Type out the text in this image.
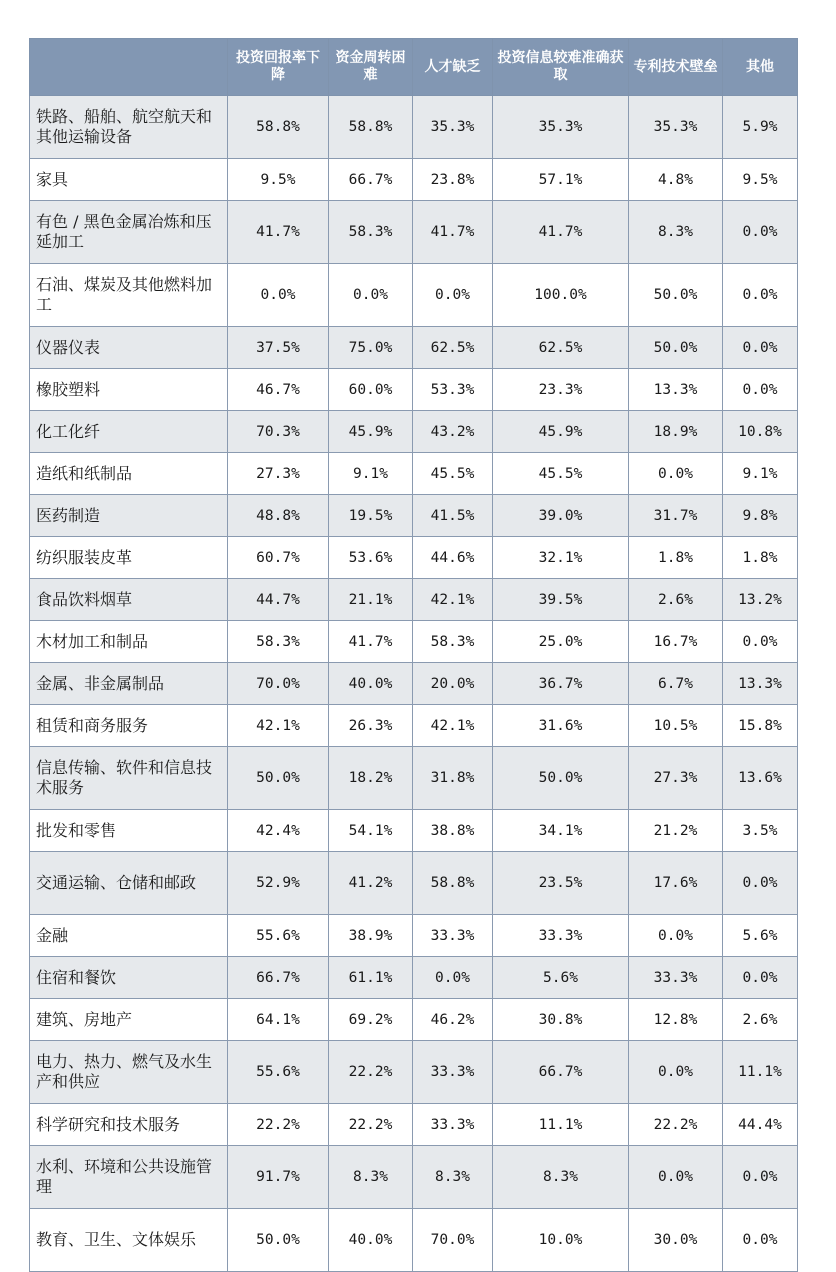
	投资回报率下降	资金周转困难	人才缺乏	投资信息较难准确获取	专利技术壁垒	其他
铁路、船舶、航空航天和其他运输设备	58.8%	58.8%	35.3%	35.3%	35.3%	5.9%
家具	9.5%	66.7%	23.8%	57.1%	4.8%	9.5%
有色 / 黑色金属冶炼和压延加工	41.7%	58.3%	41.7%	41.7%	8.3%	0.0%
石油、煤炭及其他燃料加工	0.0%	0.0%	0.0%	100.0%	50.0%	0.0%
仪器仪表	37.5%	75.0%	62.5%	62.5%	50.0%	0.0%
橡胶塑料	46.7%	60.0%	53.3%	23.3%	13.3%	0.0%
化工化纤	70.3%	45.9%	43.2%	45.9%	18.9%	10.8%
造纸和纸制品	27.3%	9.1%	45.5%	45.5%	0.0%	9.1%
医药制造	48.8%	19.5%	41.5%	39.0%	31.7%	9.8%
纺织服装皮革	60.7%	53.6%	44.6%	32.1%	1.8%	1.8%
食品饮料烟草	44.7%	21.1%	42.1%	39.5%	2.6%	13.2%
木材加工和制品	58.3%	41.7%	58.3%	25.0%	16.7%	0.0%
金属、非金属制品	70.0%	40.0%	20.0%	36.7%	6.7%	13.3%
租赁和商务服务	42.1%	26.3%	42.1%	31.6%	10.5%	15.8%
信息传输、软件和信息技术服务	50.0%	18.2%	31.8%	50.0%	27.3%	13.6%
批发和零售	42.4%	54.1%	38.8%	34.1%	21.2%	3.5%
交通运输、仓储和邮政	52.9%	41.2%	58.8%	23.5%	17.6%	0.0%
金融	55.6%	38.9%	33.3%	33.3%	0.0%	5.6%
住宿和餐饮	66.7%	61.1%	0.0%	5.6%	33.3%	0.0%
建筑、房地产	64.1%	69.2%	46.2%	30.8%	12.8%	2.6%
电力、热力、燃气及水生产和供应	55.6%	22.2%	33.3%	66.7%	0.0%	11.1%
科学研究和技术服务	22.2%	22.2%	33.3%	11.1%	22.2%	44.4%
水利、环境和公共设施管理	91.7%	8.3%	8.3%	8.3%	0.0%	0.0%
教育、卫生、文体娱乐	50.0%	40.0%	70.0%	10.0%	30.0%	0.0%
